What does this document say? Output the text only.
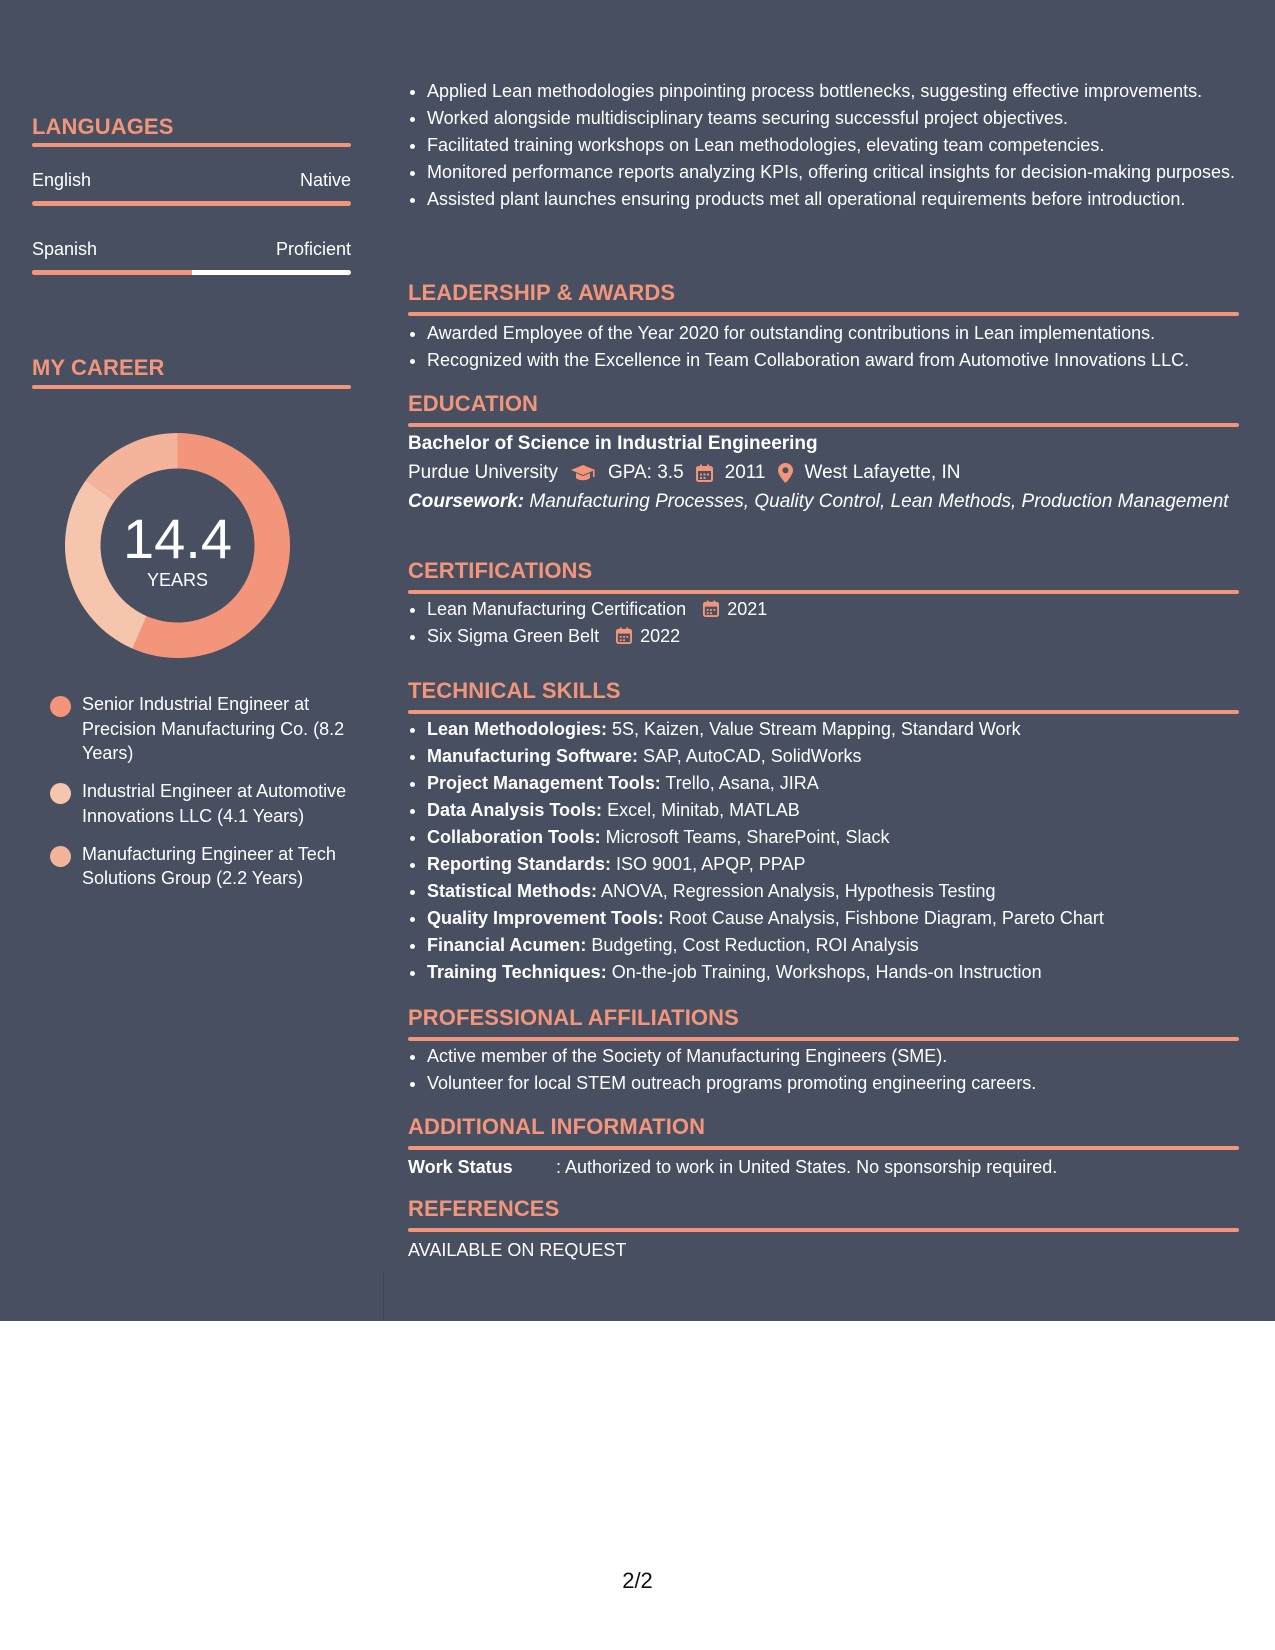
LANGUAGES
English	Native
Spanish	Proficient
MY CAREER
14.4
YEARS
Senior Industrial Engineer at Precision Manufacturing Co. (8.2 Years)
Industrial Engineer at Automotive Innovations LLC (4.1 Years)
Manufacturing Engineer at Tech Solutions Group (2.2 Years)
• Applied Lean methodologies pinpointing process bottlenecks, suggesting effective improvements.
• Worked alongside multidisciplinary teams securing successful project objectives.
• Facilitated training workshops on Lean methodologies, elevating team competencies.
• Monitored performance reports analyzing KPIs, offering critical insights for decision-making purposes.
• Assisted plant launches ensuring products met all operational requirements before introduction.
LEADERSHIP & AWARDS
• Awarded Employee of the Year 2020 for outstanding contributions in Lean implementations.
• Recognized with the Excellence in Team Collaboration award from Automotive Innovations LLC.
EDUCATION
Bachelor of Science in Industrial Engineering
Purdue University	GPA: 3.5 2011 West Lafayette, IN
Coursework: Manufacturing Processes, Quality Control, Lean Methods, Production Management
CERTIFICATIONS
• Lean Manufacturing Certification 2021
• Six Sigma Green Belt 2022
TECHNICAL SKILLS
• Lean Methodologies: 5S, Kaizen, Value Stream Mapping, Standard Work
• Manufacturing Software: SAP, AutoCAD, SolidWorks
• Project Management Tools: Trello, Asana, JIRA
• Data Analysis Tools: Excel, Minitab, MATLAB
• Collaboration Tools: Microsoft Teams, SharePoint, Slack
• Reporting Standards: ISO 9001, APQP, PPAP
• Statistical Methods: ANOVA, Regression Analysis, Hypothesis Testing
• Quality Improvement Tools: Root Cause Analysis, Fishbone Diagram, Pareto Chart
• Financial Acumen: Budgeting, Cost Reduction, ROI Analysis
• Training Techniques: On-the-job Training, Workshops, Hands-on Instruction
PROFESSIONAL AFFILIATIONS
• Active member of the Society of Manufacturing Engineers (SME).
• Volunteer for local STEM outreach programs promoting engineering careers.
ADDITIONAL INFORMATION
Work Status : Authorized to work in United States. No sponsorship required.
REFERENCES
AVAILABLE ON REQUEST
2/2
